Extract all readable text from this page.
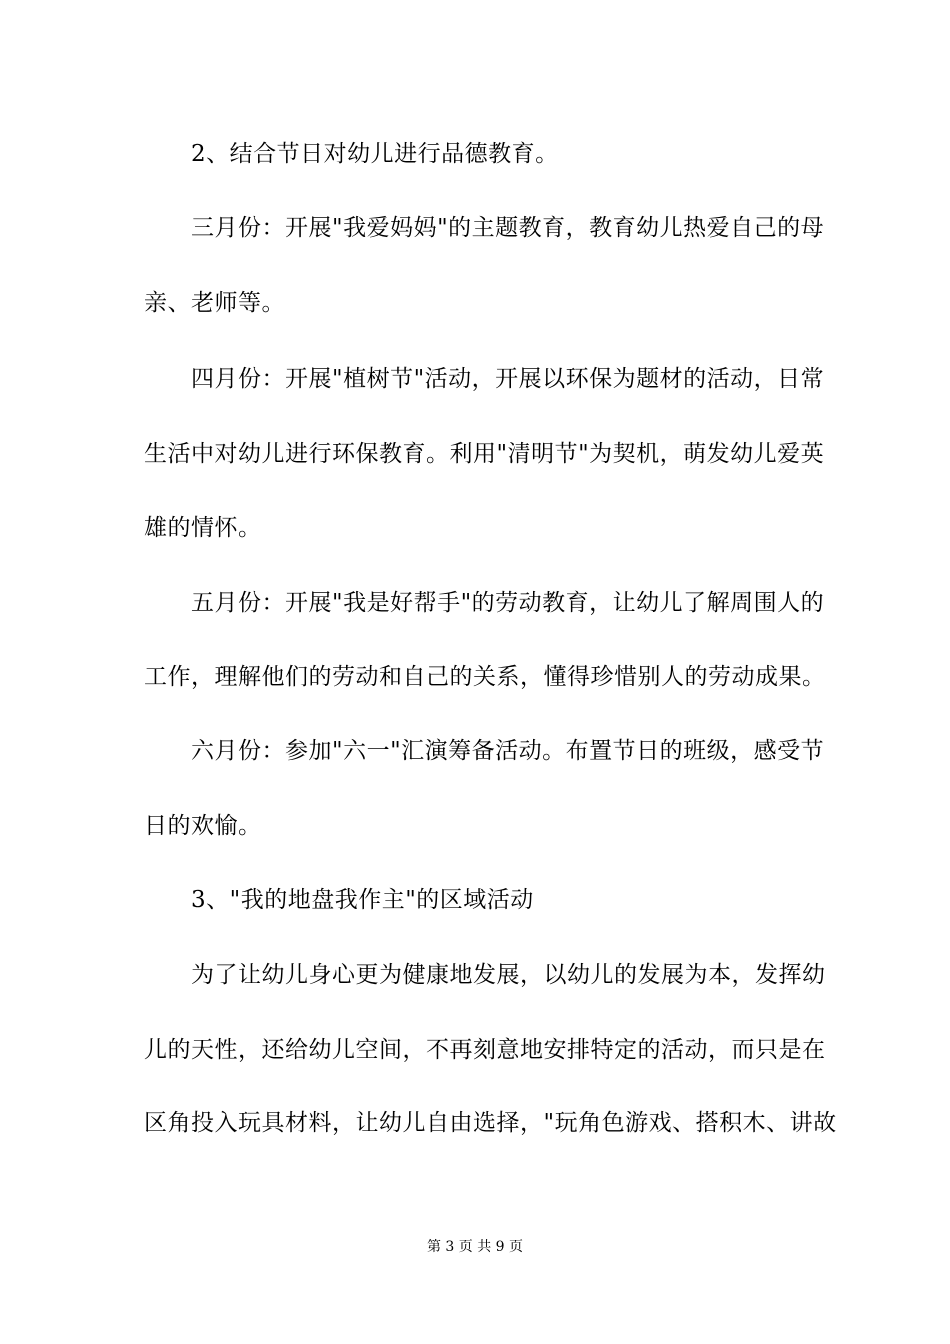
2、结合节日对幼儿进行品德教育。
三月份：开展"我爱妈妈"的主题教育，教育幼儿热爱自己的母
亲、老师等。
四月份：开展"植树节"活动，开展以环保为题材的活动，日常
生活中对幼儿进行环保教育。利用"清明节"为契机，萌发幼儿爱英
雄的情怀。
五月份：开展"我是好帮手"的劳动教育，让幼儿了解周围人的
工作，理解他们的劳动和自己的关系，懂得珍惜别人的劳动成果。
六月份：参加"六一"汇演筹备活动。布置节日的班级，感受节
日的欢愉。
3、"我的地盘我作主"的区域活动
为了让幼儿身心更为健康地发展，以幼儿的发展为本，发挥幼
儿的天性，还给幼儿空间，不再刻意地安排特定的活动，而只是在
区角投入玩具材料，让幼儿自由选择，"玩角色游戏、搭积木、讲故
第 3 页 共 9 页
